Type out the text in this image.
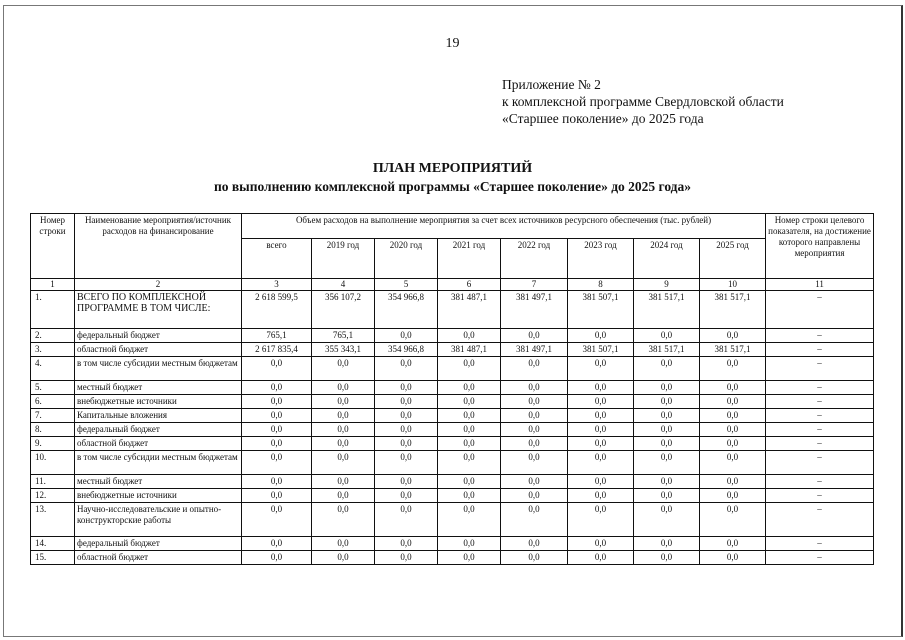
19
Приложение № 2
к комплексной программе Свердловской области
«Старшее поколение» до 2025 года
ПЛАН МЕРОПРИЯТИЙ
по выполнению комплексной программы «Старшее поколение» до 2025 года»
Номер строки	Наименование мероприятия/источник расходов на финансирование	Объем расходов на выполнение мероприятия за счет всех источников ресурсного обеспечения (тыс. рублей)								Номер строки целевого показателя, на достижение которого направлены мероприятия
		всего	2019 год	2020 год	2021 год	2022 год	2023 год	2024 год	2025 год	
1	2	3	4	5	6	7	8	9	10	11
1.	ВСЕГО ПО КОМПЛЕКСНОЙ ПРОГРАММЕ В ТОМ ЧИСЛЕ:	2 618 599,5	356 107,2	354 966,8	381 487,1	381 497,1	381 507,1	381 517,1	381 517,1	–
2.	федеральный бюджет	765,1	765,1	0,0	0,0	0,0	0,0	0,0	0,0	–
3.	областной бюджет	2 617 835,4	355 343,1	354 966,8	381 487,1	381 497,1	381 507,1	381 517,1	381 517,1	–
4.	в том числе субсидии местным бюджетам	0,0	0,0	0,0	0,0	0,0	0,0	0,0	0,0	–
5.	местный бюджет	0,0	0,0	0,0	0,0	0,0	0,0	0,0	0,0	–
6.	внебюджетные источники	0,0	0,0	0,0	0,0	0,0	0,0	0,0	0,0	–
7.	Капитальные вложения	0,0	0,0	0,0	0,0	0,0	0,0	0,0	0,0	–
8.	федеральный бюджет	0,0	0,0	0,0	0,0	0,0	0,0	0,0	0,0	–
9.	областной бюджет	0,0	0,0	0,0	0,0	0,0	0,0	0,0	0,0	–
10.	в том числе субсидии местным бюджетам	0,0	0,0	0,0	0,0	0,0	0,0	0,0	0,0	–
11.	местный бюджет	0,0	0,0	0,0	0,0	0,0	0,0	0,0	0,0	–
12.	внебюджетные источники	0,0	0,0	0,0	0,0	0,0	0,0	0,0	0,0	–
13.	Научно-исследовательские и опытно-конструкторские работы	0,0	0,0	0,0	0,0	0,0	0,0	0,0	0,0	–
14.	федеральный бюджет	0,0	0,0	0,0	0,0	0,0	0,0	0,0	0,0	–
15.	областной бюджет	0,0	0,0	0,0	0,0	0,0	0,0	0,0	0,0	–
